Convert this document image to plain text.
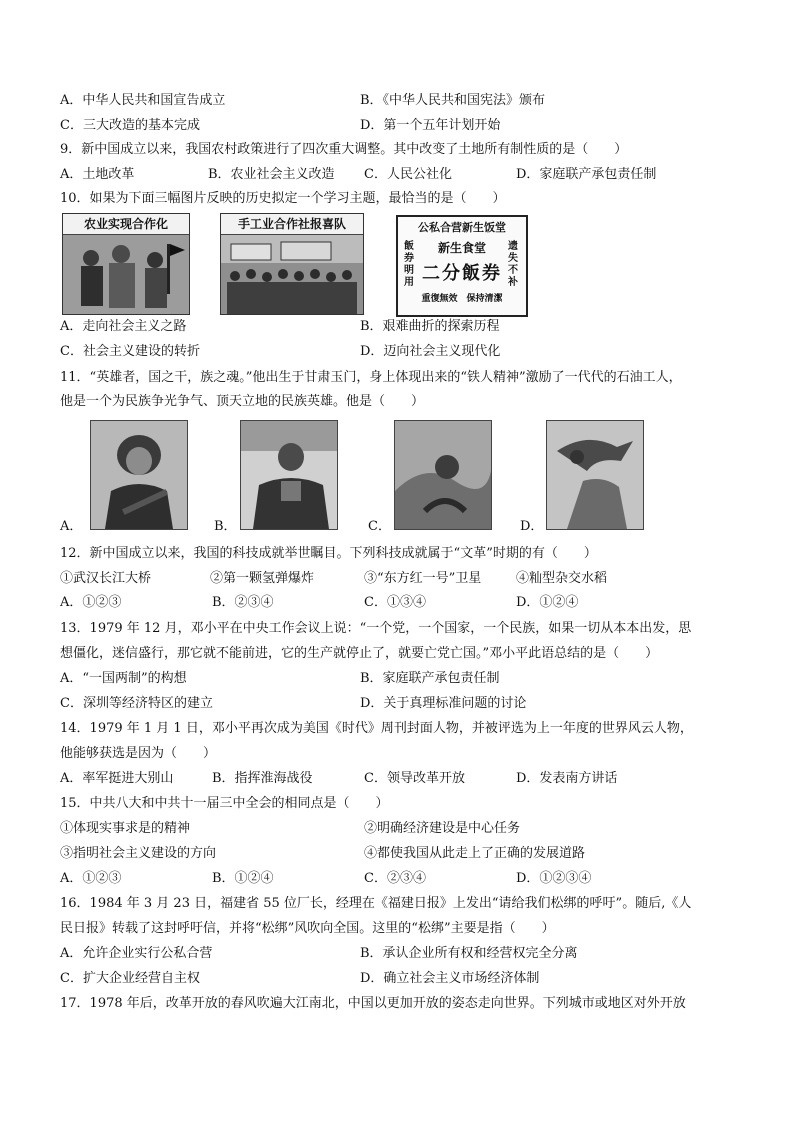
A．中华人民共和国宣告成立	B．《中华人民共和国宪法》颁布
C．三大改造的基本完成	D．第一个五年计划开始
9．新中国成立以来，我国农村政策进行了四次重大调整。其中改变了土地所有制性质的是（　　）
A．土地改革	B．农业社会主义改造 C．人民公社化	D．家庭联产承包责任制
10．如果为下面三幅图片反映的历史拟定一个学习主题，最恰当的是（　　）
农业实现合作化	手工业合作社报喜队	公私合营新生饭堂
新生食堂
二分飯券
飯券明用
遗失不补
重復無效　保持清潔
A．走向社会主义之路	B．艰难曲折的探索历程
C．社会主义建设的转折	D．迈向社会主义现代化
11．“英雄者，国之干，族之魂。”他出生于甘肃玉门，身上体现出来的“铁人精神”激励了一代代的石油工人，
他是一个为民族争光争气、顶天立地的民族英雄。他是（　　）
A．	B．	C．	D．
12．新中国成立以来，我国的科技成就举世瞩目。下列科技成就属于“文革”时期的有（　　）
①武汉长江大桥	②第一颗氢弹爆炸	③“东方红一号”卫星	④籼型杂交水稻
A．①②③	B．②③④	C．①③④	D．①②④
13．1979 年 12 月，邓小平在中央工作会议上说：“一个党，一个国家，一个民族，如果一切从本本出发，思
想僵化，迷信盛行，那它就不能前进，它的生产就停止了，就要亡党亡国。”邓小平此语总结的是（　　）
A．“一国两制”的构想	B．家庭联产承包责任制
C．深圳等经济特区的建立	D．关于真理标准问题的讨论
14．1979 年 1 月 1 日，邓小平再次成为美国《时代》周刊封面人物，并被评选为上一年度的世界风云人物，
他能够获选是因为（　　）
A．率军挺进大别山	B．指挥淮海战役	C．领导改革开放	D．发表南方讲话
15．中共八大和中共十一届三中全会的相同点是（　　）
①体现实事求是的精神	②明确经济建设是中心任务
③指明社会主义建设的方向	④都使我国从此走上了正确的发展道路
A．①②③	B．①②④	C．②③④	D．①②③④
16．1984 年 3 月 23 日，福建省 55 位厂长，经理在《福建日报》上发出“请给我们松绑的呼吁”。随后,《人
民日报》转载了这封呼吁信，并将“松绑”风吹向全国。这里的“松绑”主要是指（　　）
A．允许企业实行公私合营	B．承认企业所有权和经营权完全分离
C．扩大企业经营自主权	D．确立社会主义市场经济体制
17．1978 年后，改革开放的春风吹遍大江南北，中国以更加开放的姿态走向世界。下列城市或地区对外开放
